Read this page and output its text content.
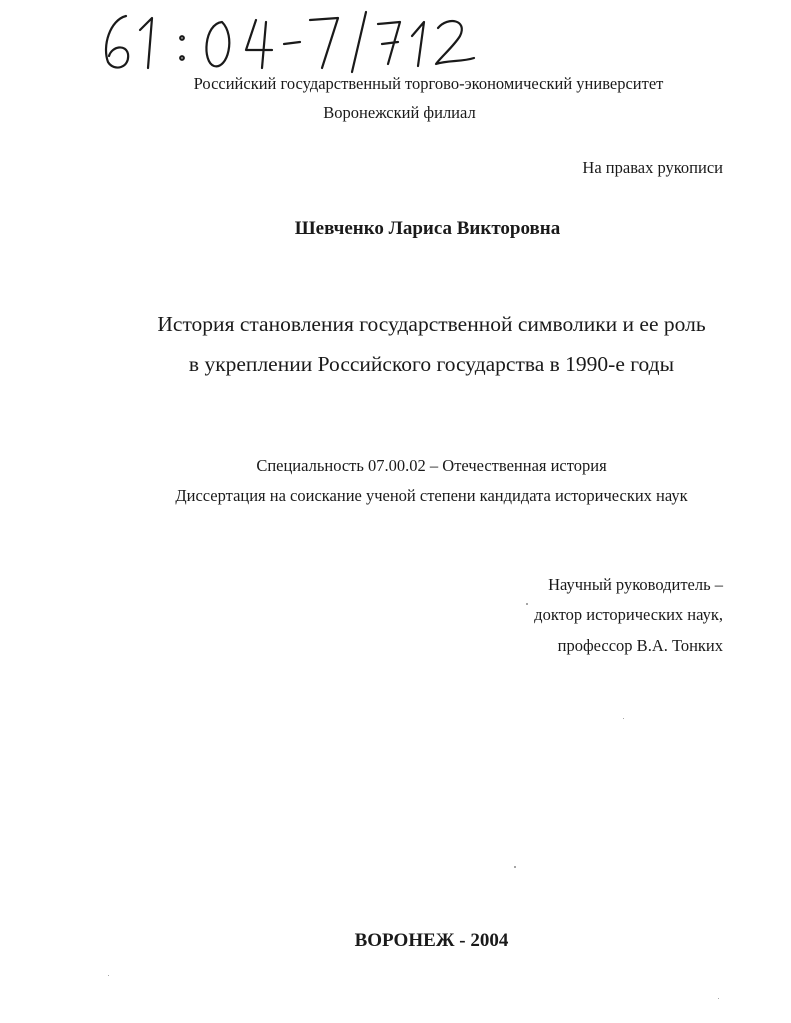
Российский государственный торгово-экономический университет
Воронежский филиал
На правах рукописи
Шевченко Лариса Викторовна
История становления государственной символики и ее роль
в укреплении Российского государства в 1990-е годы
Специальность 07.00.02 – Отечественная история
Диссертация на соискание ученой степени кандидата исторических наук
Научный руководитель –
доктор исторических наук,
профессор В.А. Тонких
ВОРОНЕЖ - 2004
